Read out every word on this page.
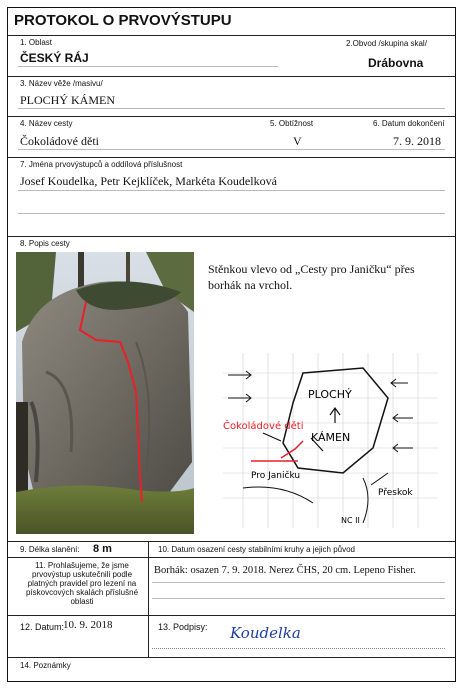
PROTOKOL O PRVOVÝSTUPU
1. Oblast	2.Obvod /skupina skal/
ČESKÝ RÁJ	Drábovna
3. Název věže /masivu/
PLOCHÝ KÁMEN
4. Název cesty	5. Obtížnost	6. Datum dokončení
Čokoládové děti	V	7. 9. 2018
7. Jména prvovýstupců a oddílová příslušnost
Josef Koudelka, Petr Kejklíček, Markéta Koudelková
8. Popis cesty
Stěnkou vlevo od „Cesty pro Janičku“ přes borhák na vrchol.
PLOCHÝ
KÁMEN
Čokoládové děti
Pro Janičku
Přeskok
NC II
9. Délka slanění: 8 m	10. Datum osazení cesty stabilními kruhy a jejich původ
11. Prohlašujeme, že jsme prvovýstup uskutečnili podle platných pravidel pro lezení na pískovcových skalách příslušné oblasti
Borhák: osazen 7. 9. 2018. Nerez ČHS, 20 cm. Lepeno Fisher.
12. Datum:
10. 9. 2018	13. Podpisy: Koudelka
14. Poznámky
